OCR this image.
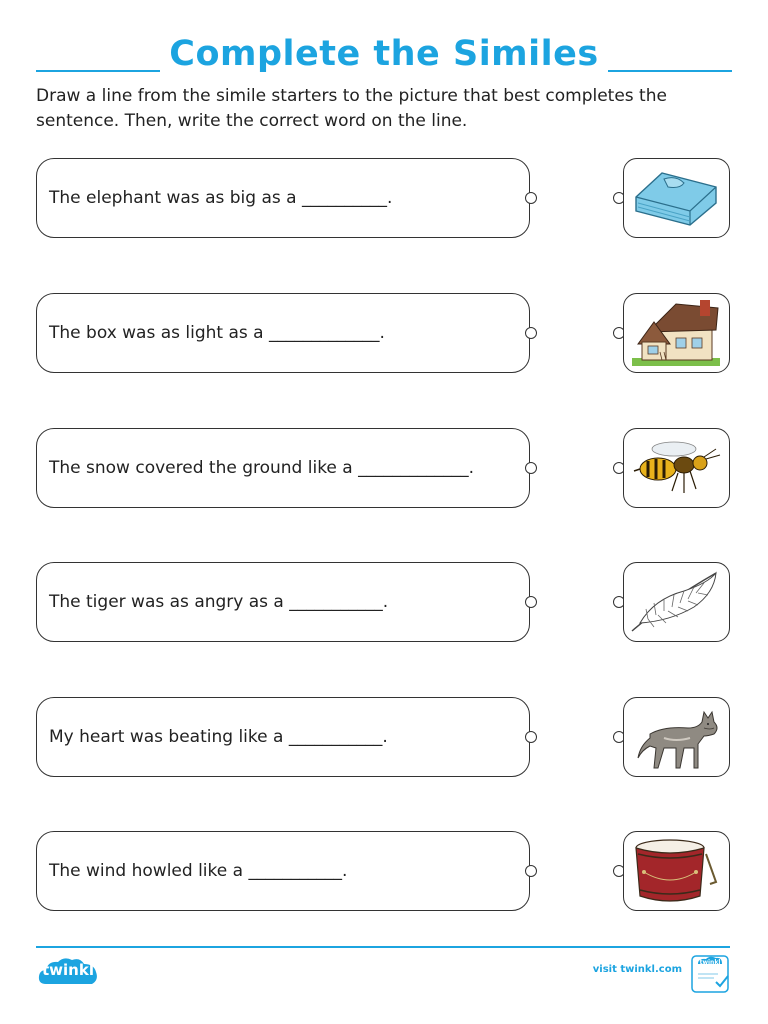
Complete the Similes

Draw a line from the simile starters to the picture that best completes the sentence. Then, write the correct word on the line.

The elephant was as big as a __________.
The box was as light as a _____________.
The snow covered the ground like a _____________.
The tiger was as angry as a ___________.
My heart was beating like a ___________.
The wind howled like a ___________.
twinkl	visit twinkl.com
twinkl
